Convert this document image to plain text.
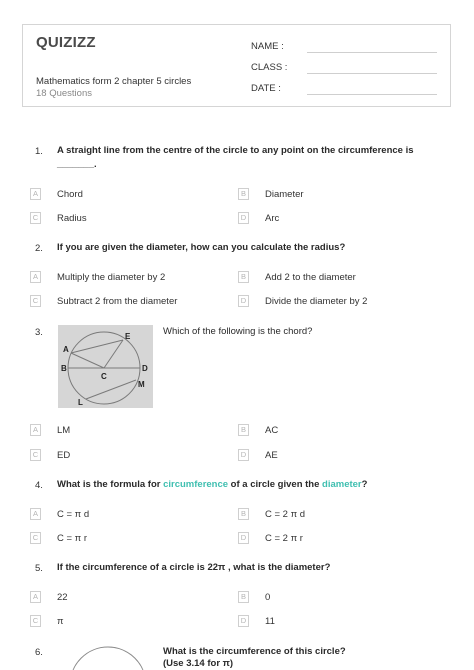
QUIZIZZ
Mathematics form 2 chapter 5 circles
18 Questions
NAME :
CLASS :
DATE :
1. A straight line from the centre of the circle to any point on the circumference is _______.
A	Chord	B	Diameter
C Radius	D Arc
2. If you are given the diameter, how can you calculate the radius?
A	Multiply the diameter by 2	B	Add 2 to the diameter
C Subtract 2 from the diameter	D Divide the diameter by 2
3.
A
E
B	D
C
M
L
Which of the following is the chord?
A	LM	B	AC
C ED	D AE
4. What is the formula for circumference of a circle given the diameter?
A	C = π d	B	C = 2 π d
C C = π r	D C = 2 π r
5. If the circumference of a circle is 22π , what is the diameter?
A	22	B	0
C π	D 11
6.	What is the circumference of this circle?
(Use 3.14 for π)
